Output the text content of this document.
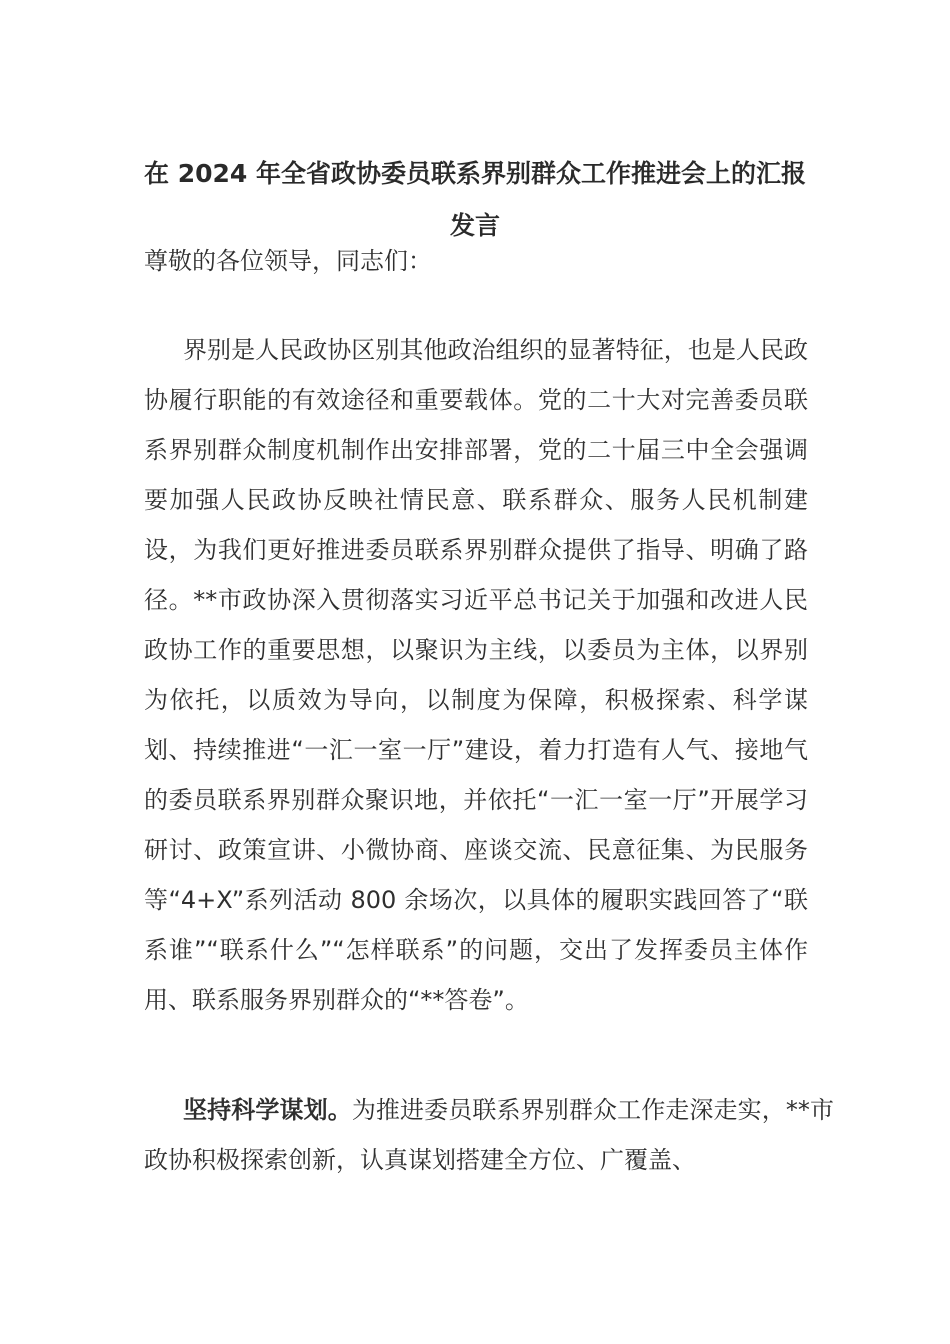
在 2024 年全省政协委员联系界别群众工作推进会上的汇报发言
尊敬的各位领导，同志们：
界别是人民政协区别其他政治组织的显著特征，也是人民政协履行职能的有效途径和重要载体。党的二十大对完善委员联系界别群众制度机制作出安排部署，党的二十届三中全会强调要加强人民政协反映社情民意、联系群众、服务人民机制建设，为我们更好推进委员联系界别群众提供了指导、明确了路径。**市政协深入贯彻落实习近平总书记关于加强和改进人民政协工作的重要思想，以聚识为主线，以委员为主体，以界别为依托，以质效为导向，以制度为保障，积极探索、科学谋划、持续推进“一汇一室一厅”建设，着力打造有人气、接地气的委员联系界别群众聚识地，并依托“一汇一室一厅”开展学习研讨、政策宣讲、小微协商、座谈交流、民意征集、为民服务等“4+X”系列活动 800 余场次，以具体的履职实践回答了“联系谁”“联系什么”“怎样联系”的问题，交出了发挥委员主体作用、联系服务界别群众的“**答卷”。
坚持科学谋划。为推进委员联系界别群众工作走深走实，**市政协积极探索创新，认真谋划搭建全方位、广覆盖、
